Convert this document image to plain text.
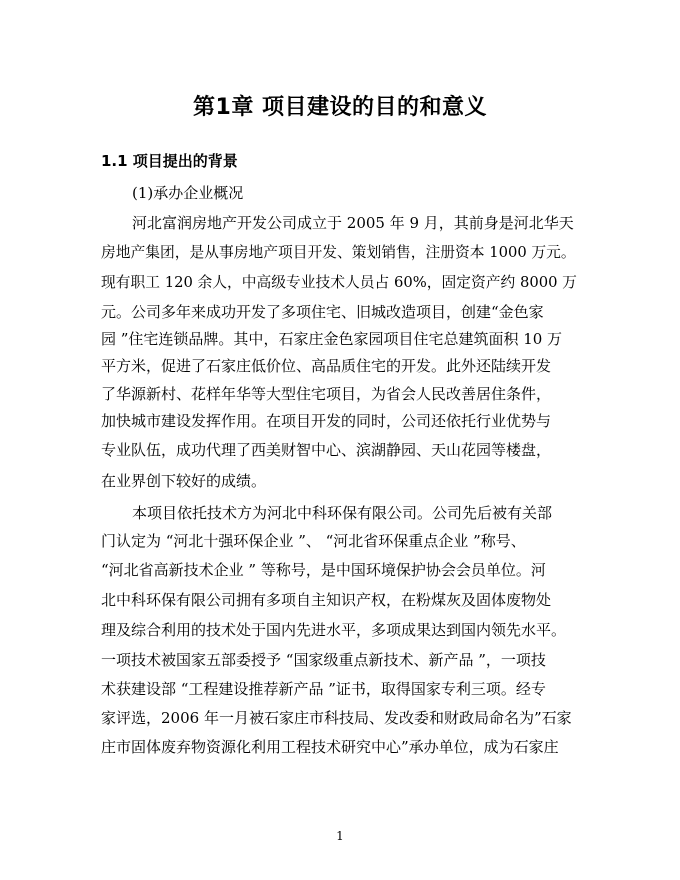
第1章 项目建设的目的和意义
1.1 项目提出的背景
(1)承办企业概况
河北富润房地产开发公司成立于 2005 年 9 月，其前身是河北华天
房地产集团，是从事房地产项目开发、策划销售，注册资本 1000 万元。
现有职工 120 余人，中高级专业技术人员占 60%，固定资产约 8000 万
元。公司多年来成功开发了多项住宅、旧城改造项目，创建“金色家
园 ”住宅连锁品牌。其中，石家庄金色家园项目住宅总建筑面积 10 万
平方米，促进了石家庄低价位、高品质住宅的开发。此外还陆续开发
了华源新村、花样年华等大型住宅项目，为省会人民改善居住条件，
加快城市建设发挥作用。在项目开发的同时，公司还依托行业优势与
专业队伍，成功代理了西美财智中心、滨湖静园、天山花园等楼盘，
在业界创下较好的成绩。
本项目依托技术方为河北中科环保有限公司。公司先后被有关部
门认定为 “河北十强环保企业 ”、 “河北省环保重点企业 ”称号、
“河北省高新技术企业 ” 等称号，是中国环境保护协会会员单位。河
北中科环保有限公司拥有多项自主知识产权，在粉煤灰及固体废物处
理及综合利用的技术处于国内先进水平，多项成果达到国内领先水平。
一项技术被国家五部委授予 “国家级重点新技术、新产品 ”，一项技
术获建设部 “工程建设推荐新产品 ”证书，取得国家专利三项。经专
家评选，2006 年一月被石家庄市科技局、发改委和财政局命名为”石家
庄市固体废弃物资源化利用工程技术研究中心”承办单位，成为石家庄
1
